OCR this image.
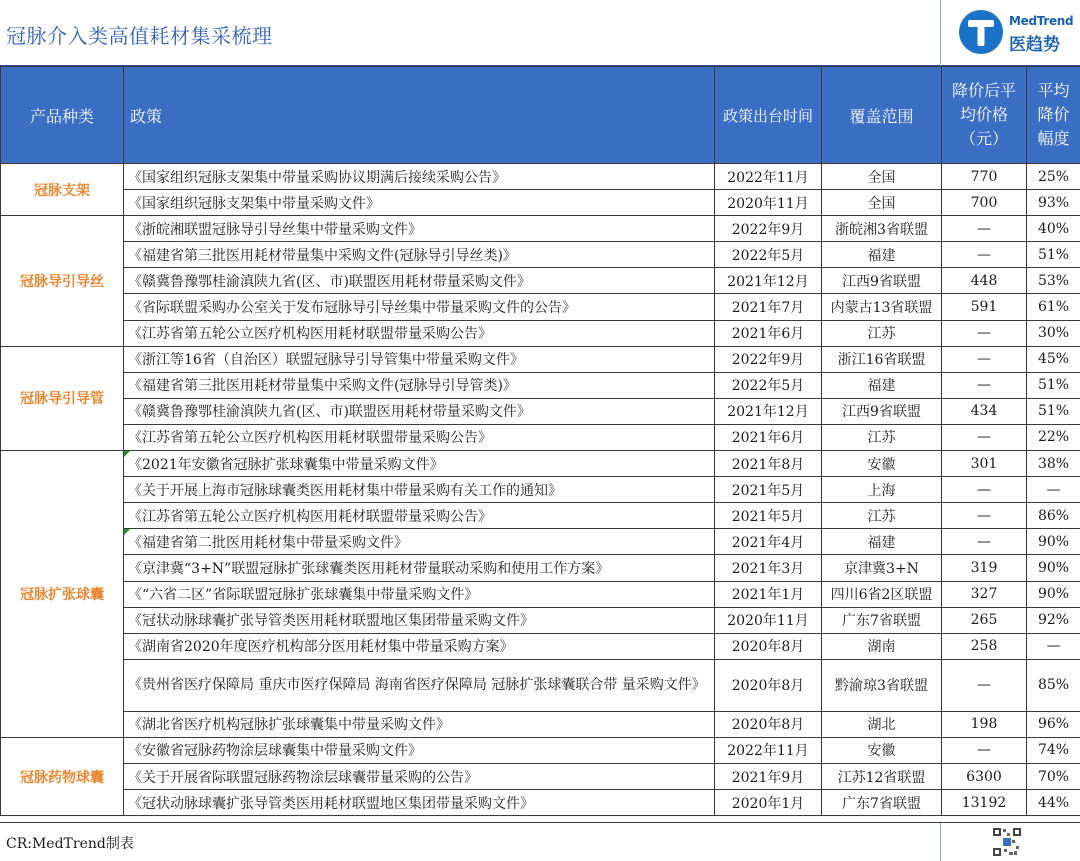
冠脉介入类高值耗材集采梳理
MedTrend
医趋势
产品种类	政策	政策出台时间	覆盖范围	降价后平均价格（元）	平均降价幅度
冠脉支架	《国家组织冠脉支架集中带量采购协议期满后接续采购公告》	2022年11月	全国	770	25%
	《国家组织冠脉支架集中带量采购文件》	2020年11月	全国	700	93%
冠脉导引导丝	《浙皖湘联盟冠脉导引导丝集中带量采购文件》	2022年9月	浙皖湘3省联盟	—	40%
	《福建省第三批医用耗材带量集中采购文件(冠脉导引导丝类)》	2022年5月	福建	—	51%
	《赣冀鲁豫鄂桂渝滇陕九省(区、市)联盟医用耗材带量采购文件》	2021年12月	江西9省联盟	448	53%
	《省际联盟采购办公室关于发布冠脉导引导丝集中带量采购文件的公告》	2021年7月	内蒙古13省联盟	591	61%
	《江苏省第五轮公立医疗机构医用耗材联盟带量采购公告》	2021年6月	江苏	—	30%
冠脉导引导管	《浙江等16省（自治区）联盟冠脉导引导管集中带量采购文件》	2022年9月	浙江16省联盟	—	45%
	《福建省第三批医用耗材带量集中采购文件(冠脉导引导管类)》	2022年5月	福建	—	51%
	《赣冀鲁豫鄂桂渝滇陕九省(区、市)联盟医用耗材带量采购文件》	2021年12月	江西9省联盟	434	51%
	《江苏省第五轮公立医疗机构医用耗材联盟带量采购公告》	2021年6月	江苏	—	22%
冠脉扩张球囊	《2021年安徽省冠脉扩张球囊集中带量采购文件》	2021年8月	安徽	301	38%
	《关于开展上海市冠脉球囊类医用耗材集中带量采购有关工作的通知》	2021年5月	上海	—	—
	《江苏省第五轮公立医疗机构医用耗材联盟带量采购公告》	2021年5月	江苏	—	86%
	《福建省第二批医用耗材集中带量采购文件》	2021年4月	福建	—	90%
	《京津冀“3+N”联盟冠脉扩张球囊类医用耗材带量联动采购和使用工作方案》	2021年3月	京津冀3+N	319	90%
	《“六省二区”省际联盟冠脉扩张球囊集中带量采购文件》	2021年1月	四川6省2区联盟	327	90%
	《冠状动脉球囊扩张导管类医用耗材联盟地区集团带量采购文件》	2020年11月	广东7省联盟	265	92%
	《湖南省2020年度医疗机构部分医用耗材集中带量采购方案》	2020年8月	湖南	258	—
	《贵州省医疗保障局 重庆市医疗保障局 海南省医疗保障局 冠脉扩张球囊联合带 量采购文件》	2020年8月	黔渝琼3省联盟	—	85%
	《湖北省医疗机构冠脉扩张球囊集中带量采购文件》	2020年8月	湖北	198	96%
冠脉药物球囊	《安徽省冠脉药物涂层球囊集中带量采购文件》	2022年11月	安徽	—	74%
	《关于开展省际联盟冠脉药物涂层球囊带量采购的公告》	2021年9月	江苏12省联盟	6300	70%
	《冠状动脉球囊扩张导管类医用耗材联盟地区集团带量采购文件》	2020年1月	广东7省联盟	13192	44%
CR:MedTrend制表
